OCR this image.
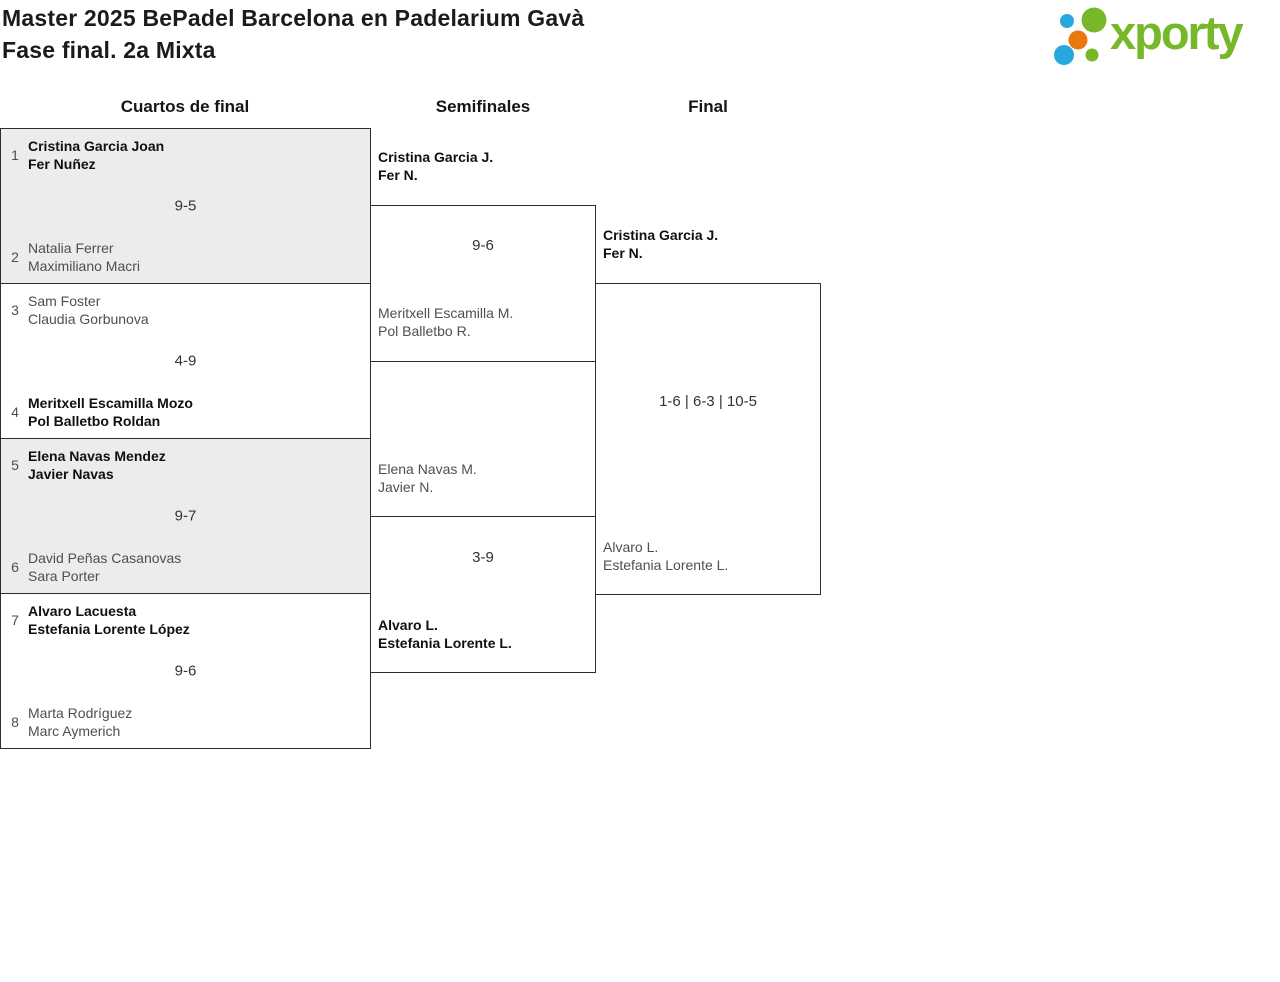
Master 2025 BePadel Barcelona en Padelarium Gavà
Fase final. 2a Mixta	xporty
Cuartos de final	Semifinales	Final
1
Cristina Garcia Joan
Fer Nuñez
9-5
2
Natalia Ferrer
Maximiliano Macri
3
Sam Foster
Claudia Gorbunova
4-9
4
Meritxell Escamilla Mozo
Pol Balletbo Roldan
5
Elena Navas Mendez
Javier Navas
9-7
6
David Peñas Casanovas
Sara Porter
7
Alvaro Lacuesta
Estefania Lorente López
9-6
8
Marta Rodríguez
Marc Aymerich
Cristina Garcia J.
Fer N.
9-6
Meritxell Escamilla M.
Pol Balletbo R.
Elena Navas M.
Javier N.
3-9
Alvaro L.
Estefania Lorente L.
Cristina Garcia J.
Fer N.
1-6 | 6-3 | 10-5
Alvaro L.
Estefania Lorente L.
